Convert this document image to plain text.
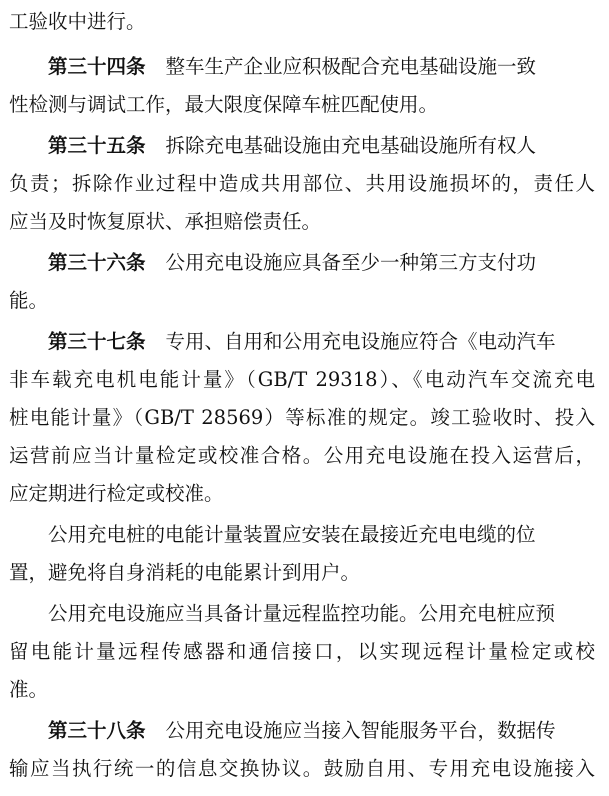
工验收中进行。
第三十四条 整车生产企业应积极配合充电基础设施一致
性检测与调试工作，最大限度保障车桩匹配使用。
第三十五条 拆除充电基础设施由充电基础设施所有权人
负责；拆除作业过程中造成共用部位、共用设施损坏的，责任人
应当及时恢复原状、承担赔偿责任。
第三十六条 公用充电设施应具备至少一种第三方支付功
能。
第三十七条 专用、自用和公用充电设施应符合《电动汽车
非车载充电机电能计量》（GB/T 29318）、《电动汽车交流充电
桩电能计量》（GB/T 28569）等标准的规定。竣工验收时、投入
运营前应当计量检定或校准合格。公用充电设施在投入运营后，
应定期进行检定或校准。
公用充电桩的电能计量装置应安装在最接近充电电缆的位
置，避免将自身消耗的电能累计到用户。
公用充电设施应当具备计量远程监控功能。公用充电桩应预
留电能计量远程传感器和通信接口，以实现远程计量检定或校
准。
第三十八条 公用充电设施应当接入智能服务平台，数据传
输应当执行统一的信息交换协议。鼓励自用、专用充电设施接入
